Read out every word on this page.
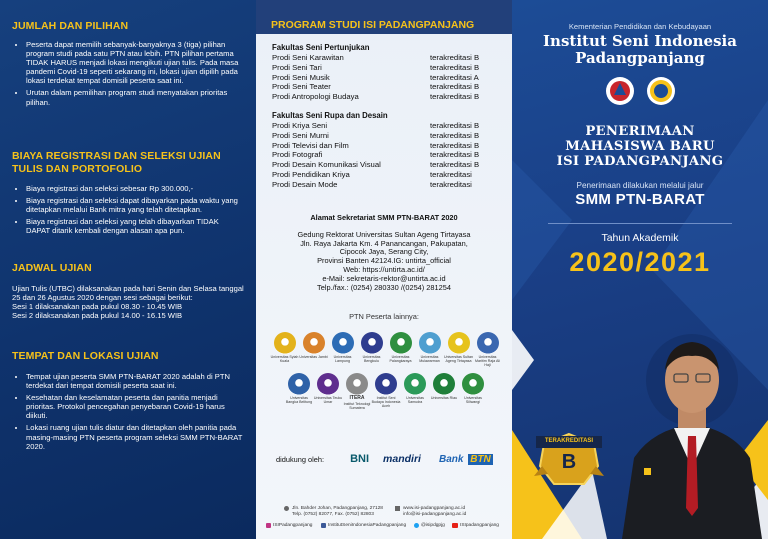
JUMLAH DAN PILIHAN
• Peserta dapat memilih sebanyak-banyaknya 3 (tiga) pilihan program studi pada satu PTN atau lebih. PTN pilihan pertama TIDAK HARUS menjadi lokasi mengikuti ujian tulis. Pada masa pandemi Covid-19 seperti sekarang ini, lokasi ujian dipilih pada lokasi terdekat tempat domisili peserta saat ini.
• Urutan dalam pemilihan program studi menyatakan prioritas pilihan.
BIAYA REGISTRASI DAN SELEKSI UJIAN TULIS DAN PORTOFOLIO
• Biaya registrasi dan seleksi sebesar Rp 300.000,-
• Biaya registrasi dan seleksi dapat dibayarkan pada waktu yang ditetapkan melalui Bank mitra yang telah ditetapkan.
• Biaya registrasi dan seleksi yang telah dibayarkan TIDAK DAPAT ditarik kembali dengan alasan apa pun.
JADWAL UJIAN

Ujian Tulis (UTBC) dilaksanakan pada hari Senin dan Selasa tanggal 25 dan 26 Agustus 2020 dengan sesi sebagai berikut:

Sesi 1 dilaksanakan pada pukul 08.30 - 10.45 WIB

Sesi 2 dilaksanakan pada pukul 14.00 - 16.15 WIB

TEMPAT DAN LOKASI UJIAN
• Tempat ujian peserta SMM PTN-BARAT 2020 adalah di PTN terdekat dari tempat domisili peserta saat ini.
• Kesehatan dan keselamatan peserta dan panitia menjadi prioritas. Protokol pencegahan penyebaran Covid-19 harus diikuti.
• Lokasi ruang ujian tulis diatur dan ditetapkan oleh panitia pada masing-masing PTN peserta program seleksi SMM PTN-BARAT 2020.
PROGRAM STUDI ISI PADANGPANJANG
Fakultas Seni Pertunjukan
Prodi Seni Karawitan	terakreditasi B
Prodi Seni Tari	terakreditasi B
Prodi Seni Musik	terakreditasi A
Prodi Seni Teater	terakreditasi B
Prodi Antropologi Budaya	terakreditasi B
Fakultas Seni Rupa dan Desain
Prodi Kriya Seni	terakreditasi B
Prodi Seni Murni	terakreditasi B
Prodi Televisi dan Film	terakreditasi B
Prodi Fotografi	terakreditasi B
Prodi Desain Komunikasi Visual	terakreditasi B
Prodi Pendidikan Kriya	terakreditasi
Prodi Desain Mode	terakreditasi
Alamat Sekretariat SMM PTN-BARAT 2020
Gedung Rektorat Universitas Sultan Ageng Tirtayasa
Jln. Raya Jakarta Km. 4 Panancangan, Pakupatan, Cipocok Jaya, Serang City,
Provinsi Banten 42124.IG: untirta_official
Web: https://untirta.ac.id/
e-Mail: sekretaris-rektor@untirta.ac.id
Telp./fax.: (0254) 280330 /(0254) 281254
PTN Peserta lainnya:
Universitas Syiah Kuala
Universitas Jambi	Universitas Lampung
Universitas Bengkulu
Universitas Palangkaraya
Universitas Mulawarman
Universitas Sultan Ageng Tirtayasa
Universitas Maritim Raja Ali Haji
Universitas Bangka Belitung
Universitas Teuku Umar
ITERA
Institut Teknologi Sumatera
Institut Seni Budaya Indonesia Aceh
Universitas Samudra
Universitas Riau	Universitas Siliwangi
didukung oleh: BNI mandiri Bank BTN
Jln. Bahder Johan, Padangpanjang, 27128
Telp. (0752) 82077, Fax. (0752) 82803
www.isi-padangpanjang.ac.id
info@isi-padangpanjang.ac.id
ISIPadangpanjang	InstitutSeniIndonesiaPadangpanjang	@isipdgpjg	ISIpadangpanjang
Kementerian Pendidikan dan Kebudayaan
Institut Seni Indonesia
Padangpanjang
PENERIMAAN
MAHASISWA BARU
ISI PADANGPANJANG
Penerimaan dilakukan melalui jalur
SMM PTN-BARAT
Tahun Akademik
2020/2021
TERAKREDITASI
B
